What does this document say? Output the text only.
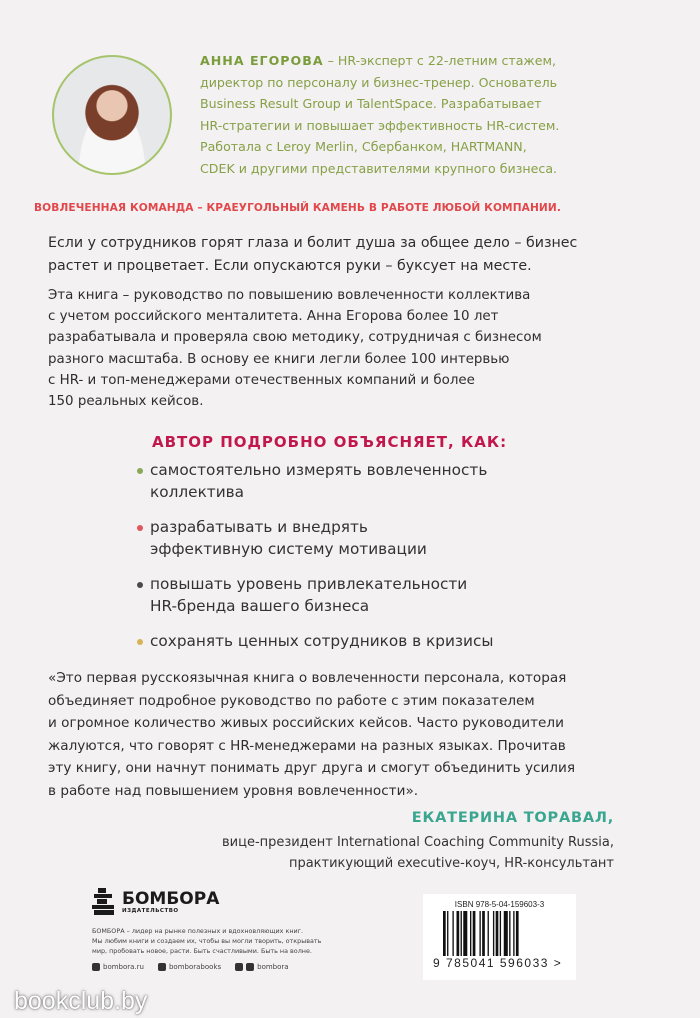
АННА ЕГОРОВА – HR-эксперт с 22-летним стажем,
директор по персоналу и бизнес-тренер. Основатель
Business Result Group и TalentSpace. Разрабатывает
HR-стратегии и повышает эффективность HR-систем.
Работала с Leroy Merlin, Сбербанком, HARTMANN,
CDEK и другими представителями крупного бизнеса.
ВОВЛЕЧЕННАЯ КОМАНДА – КРАЕУГОЛЬНЫЙ КАМЕНЬ В РАБОТЕ ЛЮБОЙ КОМПАНИИ.
Если у сотрудников горят глаза и болит душа за общее дело – бизнес
растет и процветает. Если опускаются руки – буксует на месте.
Эта книга – руководство по повышению вовлеченности коллектива
с учетом российского менталитета. Анна Егорова более 10 лет
разрабатывала и проверяла свою методику, сотрудничая с бизнесом
разного масштаба. В основу ее книги легли более 100 интервью
с HR- и топ-менеджерами отечественных компаний и более
150 реальных кейсов.
АВТОР ПОДРОБНО ОБЪЯСНЯЕТ, КАК:
самостоятельно измерять вовлеченность
коллектива
разрабатывать и внедрять
эффективную систему мотивации
повышать уровень привлекательности
HR-бренда вашего бизнеса
сохранять ценных сотрудников в кризисы
«Это первая русскоязычная книга о вовлеченности персонала, которая
объединяет подробное руководство по работе с этим показателем
и огромное количество живых российских кейсов. Часто руководители
жалуются, что говорят с HR-менеджерами на разных языках. Прочитав
эту книгу, они начнут понимать друг друга и смогут объединить усилия
в работе над повышением уровня вовлеченности».
ЕКАТЕРИНА ТОРАВАЛ,
вице-президент International Coaching Community Russia,
практикующий executive-коуч, HR-консультант
БОМБОРА
ИЗДАТЕЛЬСТВО
БОМБОРА – лидер на рынке полезных и вдохновляющих книг.
Мы любим книги и создаем их, чтобы вы могли творить, открывать
мир, пробовать новое, расти. Быть счастливыми. Быть на волне.
bombora.ru	bomborabooks	bombora
ISBN 978-5-04-159603-3
9 785041 596033 >
bookclub.by
